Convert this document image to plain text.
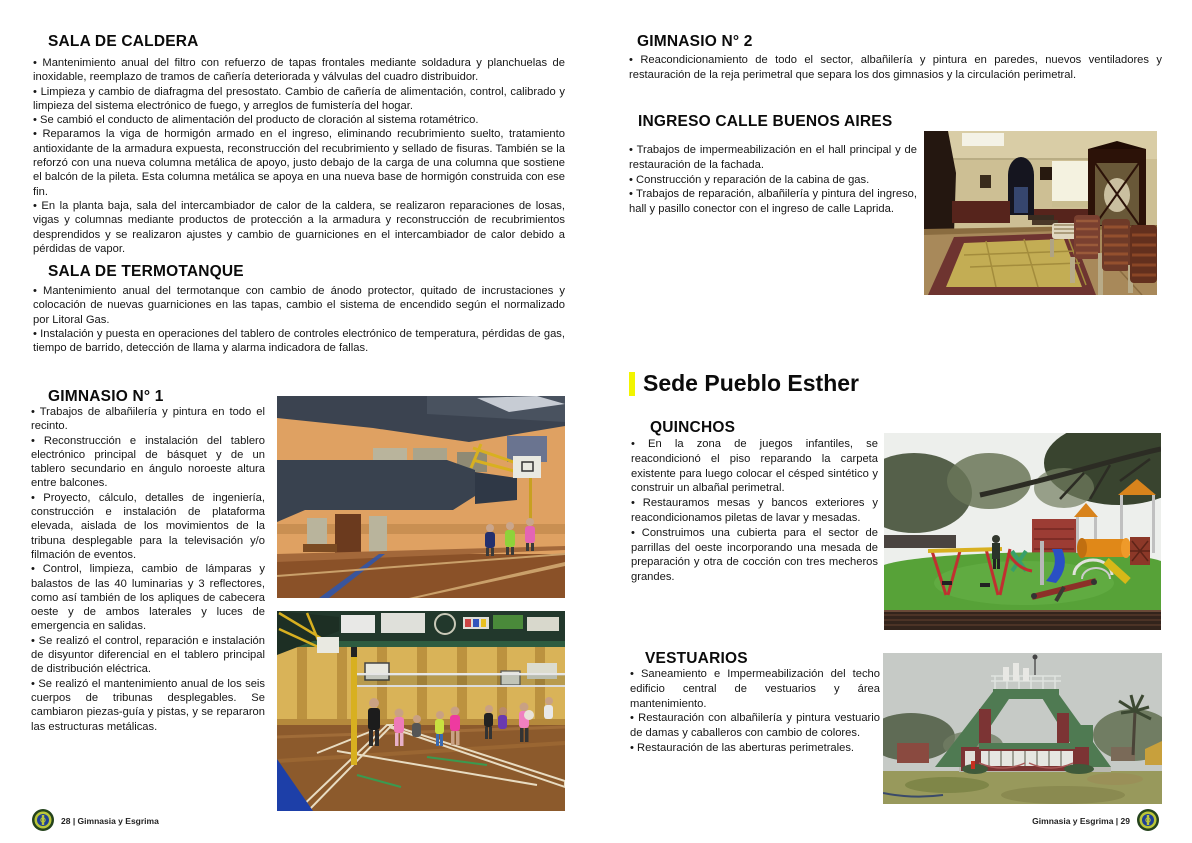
SALA DE CALDERA

• Mantenimiento anual del filtro con refuerzo de tapas frontales mediante soldadura y planchuelas de inoxidable, reemplazo de tramos de cañería deteriorada y válvulas del cuadro distribuidor.

• Limpieza y cambio de diafragma del presostato. Cambio de cañería de alimentación, control, calibrado y limpieza del sistema electrónico de fuego, y arreglos de fumistería del hogar.

• Se cambió el conducto de alimentación del producto de cloración al sistema rotamétrico.

• Reparamos la viga de hormigón armado en el ingreso, eliminando recubrimiento suelto, tratamiento antioxidante de la armadura expuesta, reconstrucción del recubrimiento y sellado de fisuras. También se la reforzó con una nueva columna metálica de apoyo, justo debajo de la carga de una columna que sostiene el balcón de la pileta. Esta columna metálica se apoya en una nueva base de hormigón construida con ese fin.

• En la planta baja, sala del intercambiador de calor de la caldera, se realizaron reparaciones de losas, vigas y columnas mediante productos de protección a la armadura y reconstrucción de recubrimientos desprendidos y se realizaron ajustes y cambio de guarniciones en el intercambiador de calor debido a pérdidas de vapor.

SALA DE TERMOTANQUE

• Mantenimiento anual del termotanque con cambio de ánodo protector, quitado de incrustaciones y colocación de nuevas guarniciones en las tapas, cambio el sistema de encendido según el normalizado por Litoral Gas.

• Instalación y puesta en operaciones del tablero de controles electrónico de temperatura, pérdidas de gas, tiempo de barrido, detección de llama y alarma indicadora de fallas.

GIMNASIO N° 1

• Trabajos de albañilería y pintura en todo el recinto.

• Reconstrucción e instalación del tablero electrónico principal de básquet y de un tablero secundario en ángulo noroeste altura entre balcones.

• Proyecto, cálculo, detalles de ingeniería, construcción e instalación de plataforma elevada, aislada de los movimientos de la tribuna desplegable para la televisación y/o filmación de eventos.

• Control, limpieza, cambio de lámparas y balastos de las 40 luminarias y 3 reflectores, como así también de los apliques de cabecera oeste y de ambos laterales y luces de emergencia en salidas.

• Se realizó el control, reparación e instalación de disyuntor diferencial en el tablero principal de distribución eléctrica.

• Se realizó el mantenimiento anual de los seis cuerpos de tribunas desplegables. Se cambiaron piezas-guía y pistas, y se repararon las estructuras metálicas.

28 | Gimnasia y Esgrima
GIMNASIO N° 2

• Reacondicionamiento de todo el sector, albañilería y pintura en paredes, nuevos ventiladores y restauración de la reja perimetral que separa los dos gimnasios y la circulación perimetral.

INGRESO CALLE BUENOS AIRES

• Trabajos de impermeabilización en el hall principal y de restauración de la fachada.

• Construcción y reparación de la cabina de gas.

• Trabajos de reparación, albañilería y pintura del ingreso, hall y pasillo conector con el ingreso de calle Laprida.

Sede Pueblo Esther
QUINCHOS

• En la zona de juegos infantiles, se reacondicionó el piso reparando la carpeta existente para luego colocar el césped sintético y construir un albañal perimetral.

• Restauramos mesas y bancos exteriores y reacondicionamos piletas de lavar y mesadas.

• Construimos una cubierta para el sector de parrillas del oeste incorporando una mesada de preparación y otra de cocción con tres mecheros grandes.

VESTUARIOS

• Saneamiento e Impermeabilización del techo edificio central de vestuarios y área mantenimiento.

• Restauración con albañilería y pintura vestuario de damas y caballeros con cambio de colores.

• Restauración de las aberturas perimetrales.

Gimnasia y Esgrima | 29
